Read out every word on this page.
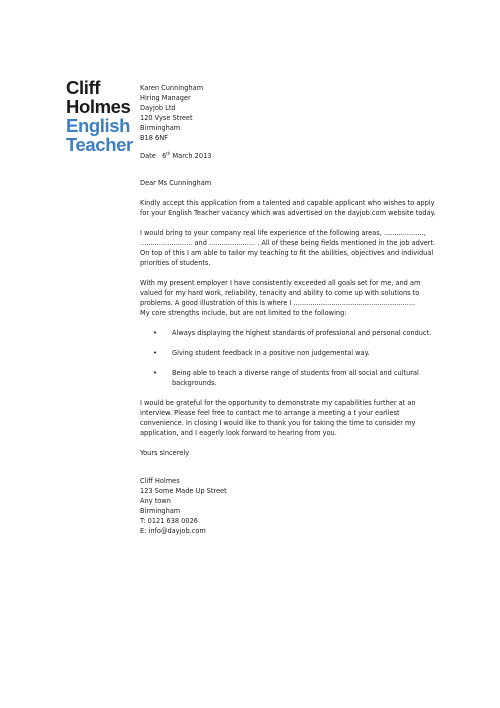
Cliff
Holmes
English
Teacher
Karen Cunningham
Hiring Manager
Dayjob Ltd
120 Vyse Street
Birmingham
B18 6NF
Date 6th March 2013

Dear Ms Cunningham

Kindly accept this application from a talented and capable applicant who wishes to apply for your English Teacher vacancy which was advertised on the dayjob.com website today.

I would bring to your company real life experience of the following areas, ..................., ......................... and ...................... . All of these being fields mentioned in the job advert. On top of this I am able to tailor my teaching to fit the abilities, objectives and individual priorities of students.

With my present employer I have consistently exceeded all goals set for me, and am valued for my hard work, reliability, tenacity and ability to come up with solutions to problems. A good illustration of this is where I ..........................................................

My core strengths include, but are not limited to the following:

• Always displaying the highest standards of professional and personal conduct.
• Giving student feedback in a positive non judgemental way.
• Being able to teach a diverse range of students from all social and cultural backgrounds.

I would be grateful for the opportunity to demonstrate my capabilities further at an interview. Please feel free to contact me to arrange a meeting a t your earliest convenience. In closing I would like to thank you for taking the time to consider my application, and I eagerly look forward to hearing from you.

Yours sincerely

Cliff Holmes
123 Some Made Up Street
Any town
Birmingham
T: 0121 638 0026
E: info@dayjob.com
